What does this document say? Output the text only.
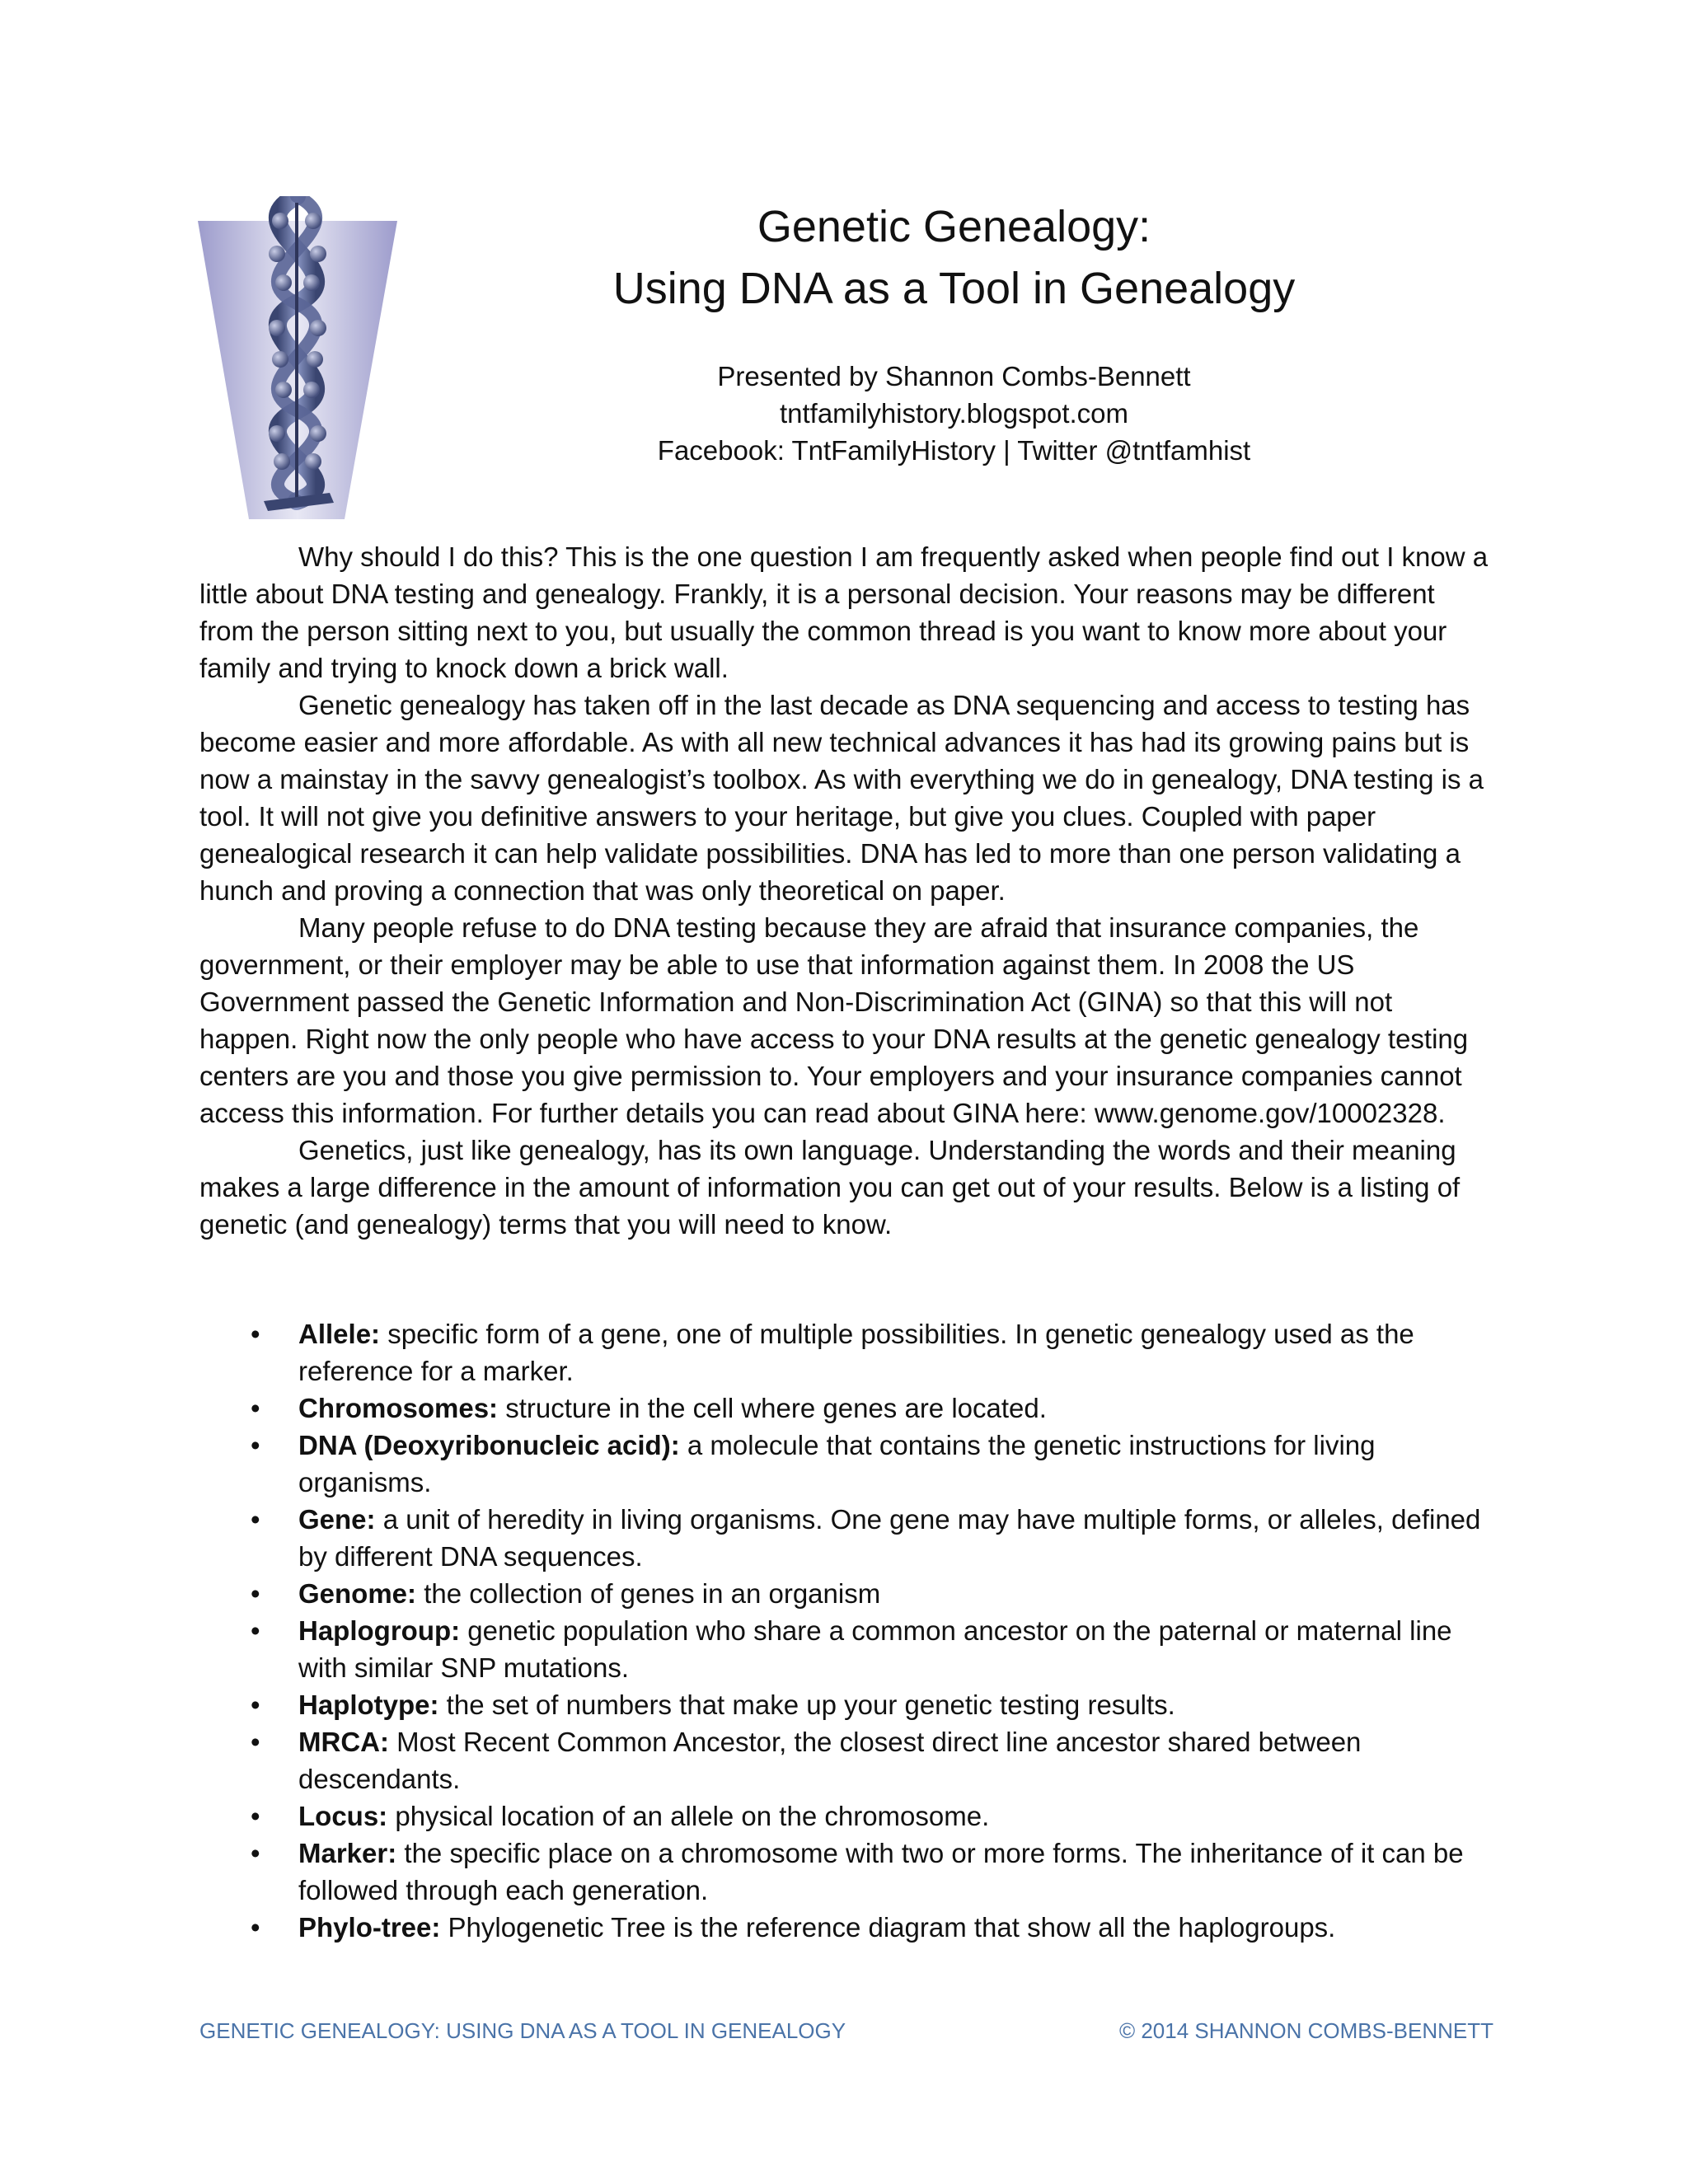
Genetic Genealogy:
Using DNA as a Tool in Genealogy
Presented by Shannon Combs-Bennett
tntfamilyhistory.blogspot.com
Facebook: TntFamilyHistory | Twitter @tntfamhist

Why should I do this? This is the one question I am frequently asked when people find out I know a little about DNA testing and genealogy. Frankly, it is a personal decision. Your reasons may be different from the person sitting next to you, but usually the common thread is you want to know more about your family and trying to knock down a brick wall.

Genetic genealogy has taken off in the last decade as DNA sequencing and access to testing has become easier and more affordable. As with all new technical advances it has had its growing pains but is now a mainstay in the savvy genealogist’s toolbox. As with everything we do in genealogy, DNA testing is a tool. It will not give you definitive answers to your heritage, but give you clues. Coupled with paper genealogical research it can help validate possibilities. DNA has led to more than one person validating a hunch and proving a connection that was only theoretical on paper.

Many people refuse to do DNA testing because they are afraid that insurance companies, the government, or their employer may be able to use that information against them. In 2008 the US Government passed the Genetic Information and Non-Discrimination Act (GINA) so that this will not happen. Right now the only people who have access to your DNA results at the genetic genealogy testing centers are you and those you give permission to. Your employers and your insurance companies cannot access this information. For further details you can read about GINA here: www.genome.gov/10002328.

Genetics, just like genealogy, has its own language. Understanding the words and their meaning makes a large difference in the amount of information you can get out of your results. Below is a listing of genetic (and genealogy) terms that you will need to know.

• Allele: specific form of a gene, one of multiple possibilities. In genetic genealogy used as the reference for a marker.
• Chromosomes: structure in the cell where genes are located.
• DNA (Deoxyribonucleic acid): a molecule that contains the genetic instructions for living organisms.
• Gene: a unit of heredity in living organisms. One gene may have multiple forms, or alleles, defined by different DNA sequences.
• Genome: the collection of genes in an organism
• Haplogroup: genetic population who share a common ancestor on the paternal or maternal line with similar SNP mutations.
• Haplotype: the set of numbers that make up your genetic testing results.
• MRCA: Most Recent Common Ancestor, the closest direct line ancestor shared between descendants.
• Locus: physical location of an allele on the chromosome.
• Marker: the specific place on a chromosome with two or more forms. The inheritance of it can be followed through each generation.
• Phylo-tree: Phylogenetic Tree is the reference diagram that show all the haplogroups.
GENETIC GENEALOGY: USING DNA AS A TOOL IN GENEALOGY	© 2014 SHANNON COMBS-BENNETT
